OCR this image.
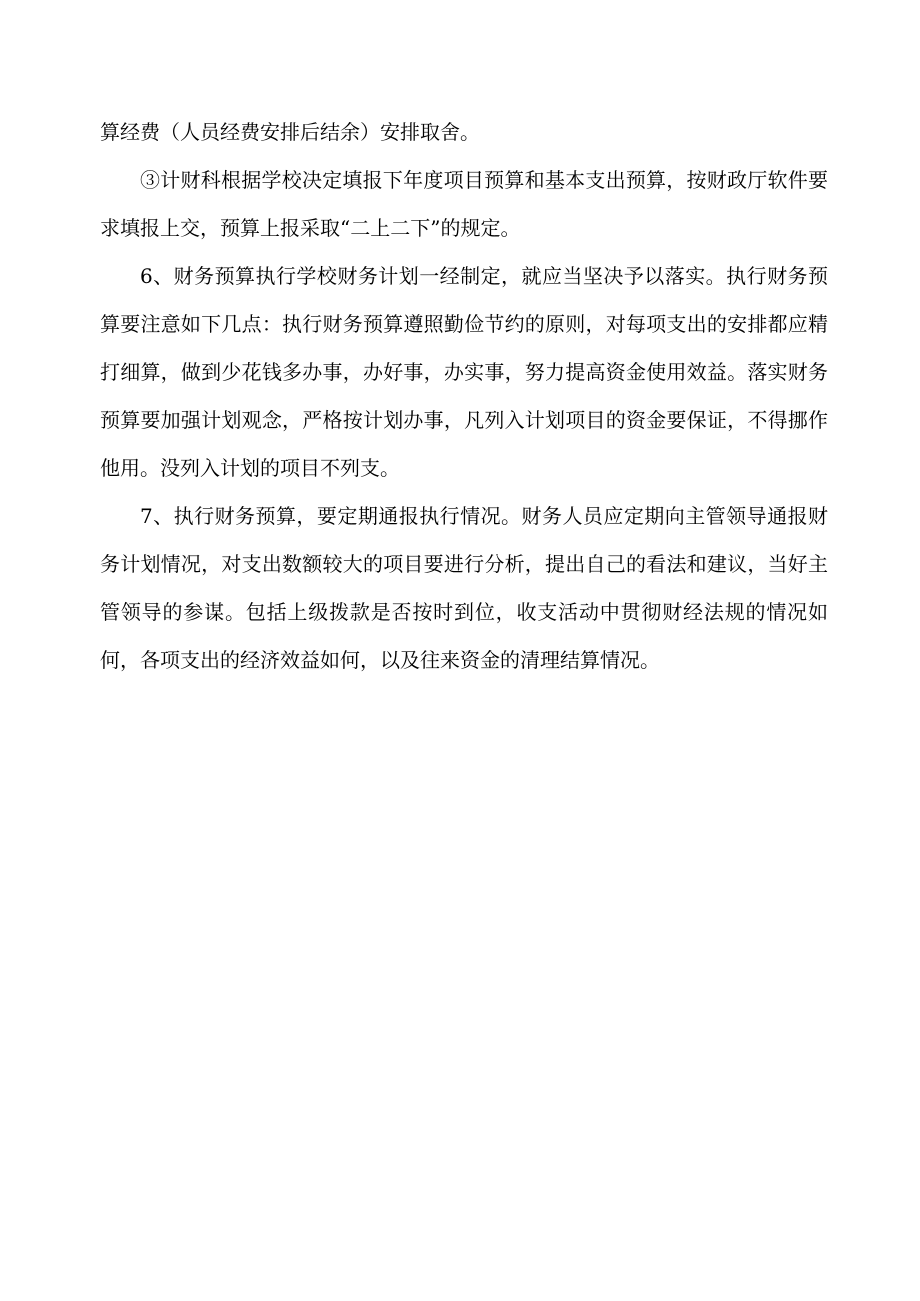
算经费（人员经费安排后结余）安排取舍。

③计财科根据学校决定填报下年度项目预算和基本支出预算，按财政厅软件要求填报上交，预算上报采取“二上二下”的规定。

6、财务预算执行学校财务计划一经制定，就应当坚决予以落实。执行财务预算要注意如下几点：执行财务预算遵照勤俭节约的原则，对每项支出的安排都应精打细算，做到少花钱多办事，办好事，办实事，努力提高资金使用效益。落实财务预算要加强计划观念，严格按计划办事，凡列入计划项目的资金要保证，不得挪作他用。没列入计划的项目不列支。

7、执行财务预算，要定期通报执行情况。财务人员应定期向主管领导通报财务计划情况，对支出数额较大的项目要进行分析，提出自己的看法和建议，当好主管领导的参谋。包括上级拨款是否按时到位，收支活动中贯彻财经法规的情况如何，各项支出的经济效益如何，以及往来资金的清理结算情况。
